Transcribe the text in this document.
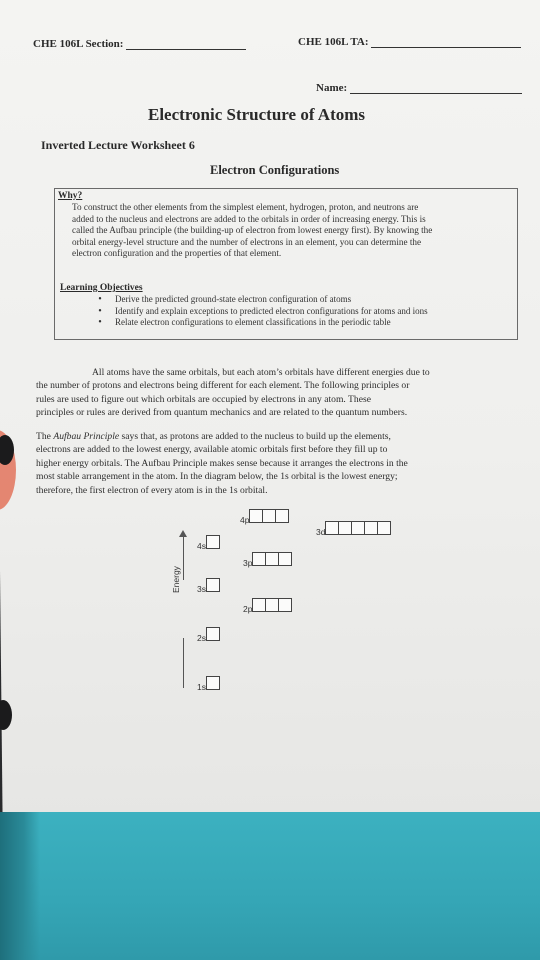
CHE 106L Section:	CHE 106L TA:
Name:
Electronic Structure of Atoms
Inverted Lecture Worksheet 6
Electron Configurations
Why?
To construct the other elements from the simplest element, hydrogen, proton, and neutrons are
added to the nucleus and electrons are added to the orbitals in order of increasing energy. This is
called the Aufbau principle (the building-up of electron from lowest energy first). By knowing the
orbital energy-level structure and the number of electrons in an element, you can determine the
electron configuration and the properties of that element.
Learning Objectives
•	Derive the predicted ground-state electron configuration of atoms
•	Identify and explain exceptions to predicted electron configurations for atoms and ions
•	Relate electron configurations to element classifications in the periodic table
All atoms have the same orbitals, but each atom’s orbitals have different energies due to
the number of protons and electrons being different for each element. The following principles or
rules are used to figure out which orbitals are occupied by electrons in any atom. These
principles or rules are derived from quantum mechanics and are related to the quantum numbers.
The Aufbau Principle says that, as protons are added to the nucleus to build up the elements,
electrons are added to the lowest energy, available atomic orbitals first before they fill up to
higher energy orbitals. The Aufbau Principle makes sense because it arranges the electrons in the
most stable arrangement in the atom. In the diagram below, the 1s orbital is the lowest energy;
therefore, the first electron of every atom is in the 1s orbital.
Energy
1s
2s
3s
4s
2p
3p
4p
3d
